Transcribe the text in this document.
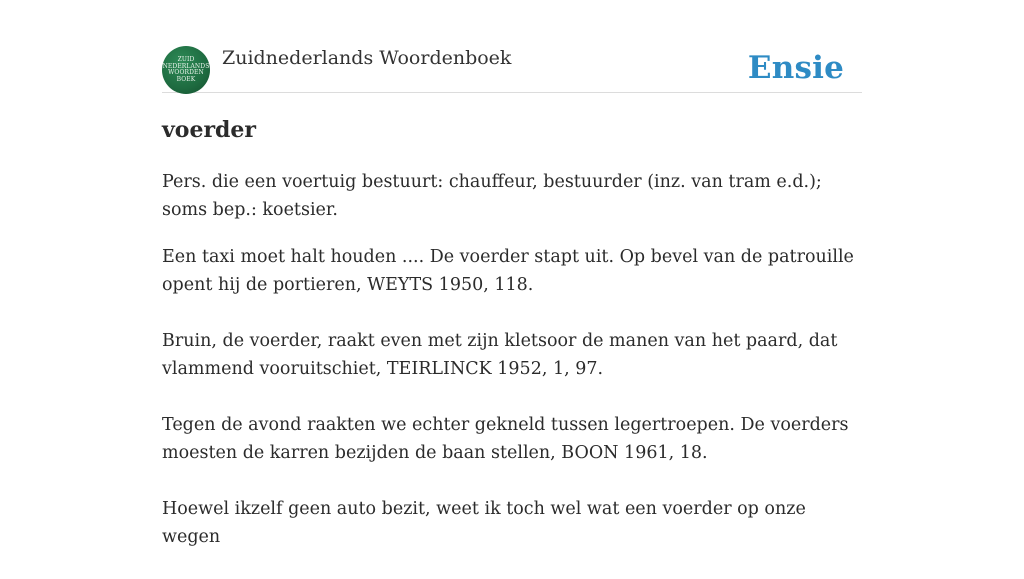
ZUID
NEDERLANDS
WOORDEN
BOEK
Zuidnederlands Woordenboek	Ensie
voerder

Pers. die een voertuig bestuurt: chauffeur, bestuurder (inz. van tram e.d.); soms bep.: koetsier.

Een taxi moet halt houden .... De voerder stapt uit. Op bevel van de patrouille opent hij de portieren, WEYTS 1950, 118.

Bruin, de voerder, raakt even met zijn kletsoor de manen van het paard, dat vlammend vooruitschiet, TEIRLINCK 1952, 1, 97.

Tegen de avond raakten we echter gekneld tussen legertroepen. De voerders moesten de karren bezijden de baan stellen, BOON 1961, 18.

Hoewel ikzelf geen auto bezit, weet ik toch wel wat een voerder op onze wegen
